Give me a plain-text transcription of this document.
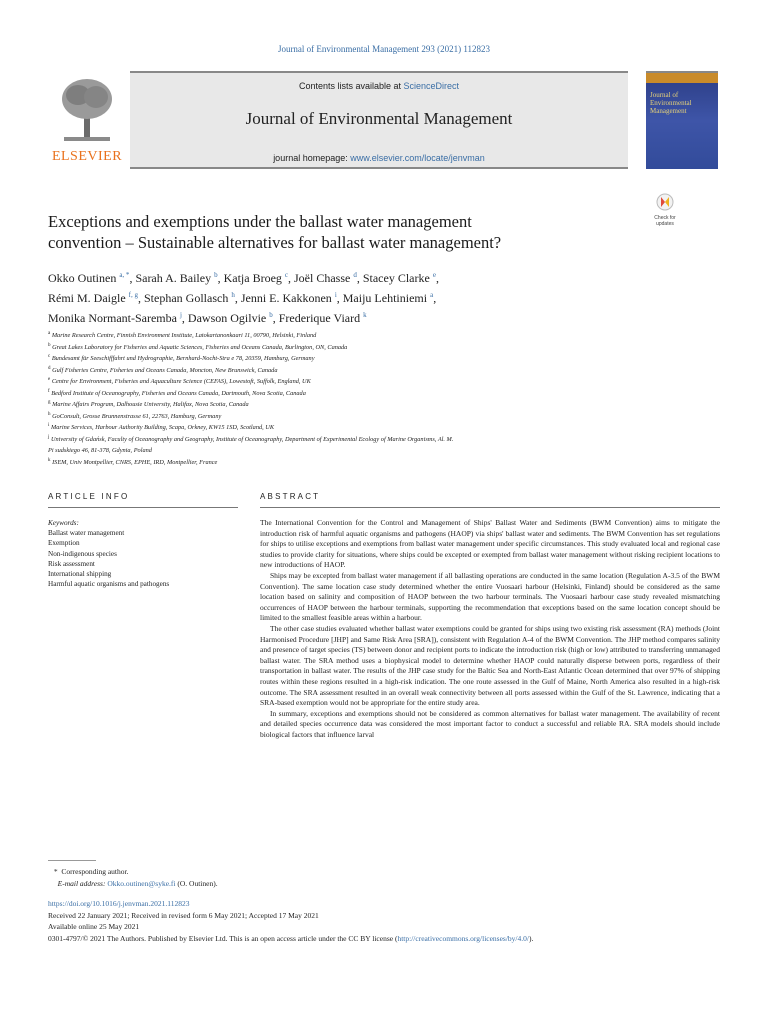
Journal of Environmental Management 293 (2021) 112823
ELSEVIER
Contents lists available at ScienceDirect
Journal of Environmental Management
journal homepage: www.elsevier.com/locate/jenvman
Journal of Environmental Management
Check for
updates
Exceptions and exemptions under the ballast water management
convention – Sustainable alternatives for ballast water management?
Okko Outinen $^{a, *}$, Sarah A. Bailey $^b$, Katja Broeg $^c$, Joël Chasse $^d$, Stacey Clarke $^e$,
Rémi M. Daigle $^{f, g}$, Stephan Gollasch $^h$, Jenni E. Kakkonen $^i$, Maiju Lehtiniemi $^a$,
Monika Normant-Saremba $^j$, Dawson Ogilvie $^b$, Frederique Viard $^k$
$^a$ Marine Research Centre, Finnish Environment Institute, Latokartanonkaari 11, 00790, Helsinki, Finland
$^b$ Great Lakes Laboratory for Fisheries and Aquatic Sciences, Fisheries and Oceans Canada, Burlington, ON, Canada
$^c$ Bundesamt für Seeschifffahrt und Hydrographie, Bernhard-Nocht-Stra e 78, 20359, Hamburg, Germany
$^d$ Gulf Fisheries Centre, Fisheries and Oceans Canada, Moncton, New Brunswick, Canada
$^e$ Centre for Environment, Fisheries and Aquaculture Science (CEFAS), Lowestoft, Suffolk, England, UK
$^f$ Bedford Institute of Oceanography, Fisheries and Oceans Canada, Dartmouth, Nova Scotia, Canada
$^g$ Marine Affairs Program, Dalhousie University, Halifax, Nova Scotia, Canada
$^h$ GoConsult, Grosse Brunnenstrasse 61, 22763, Hamburg, Germany
$^i$ Marine Services, Harbour Authority Building, Scapa, Orkney, KW15 1SD, Scotland, UK
$^j$ University of Gdańsk, Faculty of Oceanography and Geography, Institute of Oceanography, Department of Experimental Ecology of Marine Organisms, Al. M.
Pi sudskiego 46, 81-378, Gdynia, Poland
$^k$ ISEM, Univ Montpellier, CNRS, EPHE, IRD, Montpellier, France
ARTICLE INFO	ABSTRACT
Keywords:
Ballast water management
Exemption
Non-indigenous species
Risk assessment
International shipping
Harmful aquatic organisms and pathogens

The International Convention for the Control and Management of Ships' Ballast Water and Sediments (BWM Convention) aims to mitigate the introduction risk of harmful aquatic organisms and pathogens (HAOP) via ships' ballast water and sediments. The BWM Convention has set regulations for ships to utilise exceptions and exemptions from ballast water management under specific circumstances. This study evaluated local and regional case studies to provide clarity for situations, where ships could be excepted or exempted from ballast water management without risking recipient locations to new introductions of HAOP.

Ships may be excepted from ballast water management if all ballasting operations are conducted in the same location (Regulation A-3.5 of the BWM Convention). The same location case study determined whether the entire Vuosaari harbour (Helsinki, Finland) should be considered as the same location based on salinity and composition of HAOP between the two harbour terminals. The Vuosaari harbour case study revealed mismatching occurrences of HAOP between the harbour terminals, supporting the recommendation that exceptions based on the same location concept should be limited to the smallest feasible areas within a harbour.

The other case studies evaluated whether ballast water exemptions could be granted for ships using two existing risk assessment (RA) methods (Joint Harmonised Procedure [JHP] and Same Risk Area [SRA]), consistent with Regulation A-4 of the BWM Convention. The JHP method compares salinity and presence of target species (TS) between donor and recipient ports to indicate the introduction risk (high or low) attributed to transferring unmanaged ballast water. The SRA method uses a biophysical model to determine whether HAOP could naturally disperse between ports, regardless of their transportation in ballast water. The results of the JHP case study for the Baltic Sea and North-East Atlantic Ocean determined that over 97% of shipping routes within these regions resulted in a high-risk indication. The one route assessed in the Gulf of Maine, North America also resulted in a high-risk outcome. The SRA assessment resulted in an overall weak connectivity between all ports assessed within the Gulf of the St. Lawrence, indicating that a SRA-based exemption would not be appropriate for the entire study area.

In summary, exceptions and exemptions should not be considered as common alternatives for ballast water management. The availability of recent and detailed species occurrence data was considered the most important factor to conduct a successful and reliable RA. SRA models should include biological factors that influence larval

*  Corresponding author.
E-mail address: Okko.outinen@syke.fi (O. Outinen).
https://doi.org/10.1016/j.jenvman.2021.112823
Received 22 January 2021; Received in revised form 6 May 2021; Accepted 17 May 2021
Available online 25 May 2021
0301-4797/© 2021 The Authors. Published by Elsevier Ltd. This is an open access article under the CC BY license (http://creativecommons.org/licenses/by/4.0/).
